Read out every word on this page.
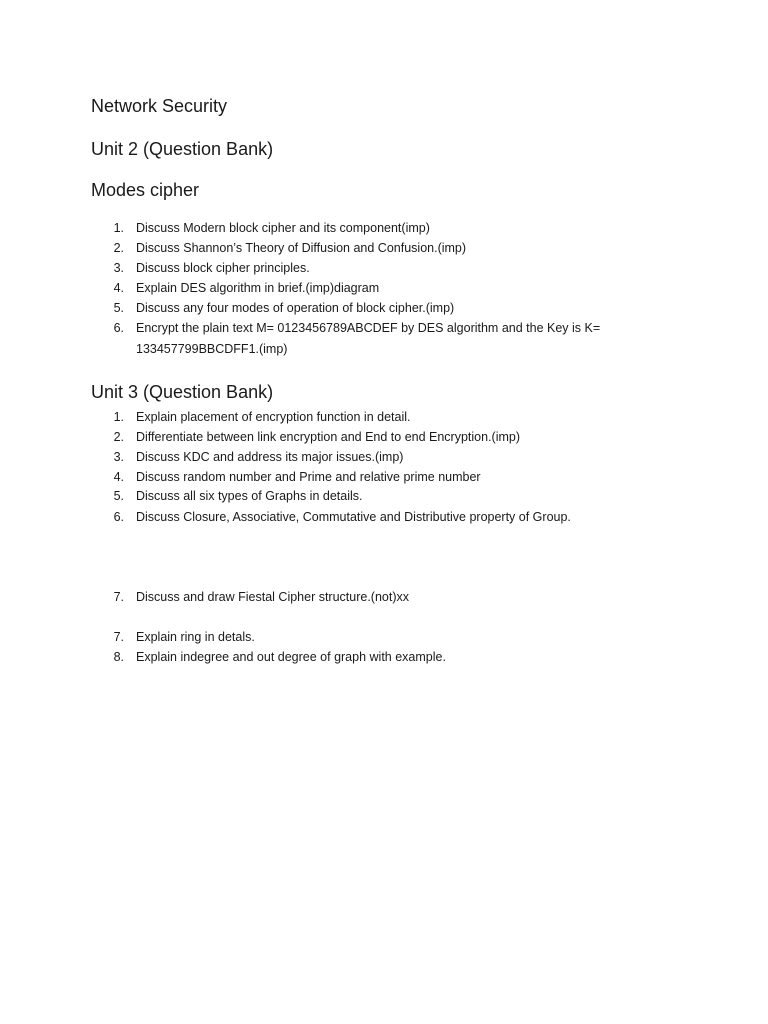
Network Security
Unit 2 (Question Bank)
Modes cipher
1. Discuss Modern block cipher and its component(imp)
2. Discuss Shannon’s Theory of Diffusion and Confusion.(imp)
3. Discuss block cipher principles.
4. Explain DES algorithm in brief.(imp)diagram
5. Discuss any four modes of operation of block cipher.(imp)
6. Encrypt the plain text M= 0123456789ABCDEF by DES algorithm and the Key is K=
133457799BBCDFF1.(imp)
Unit 3 (Question Bank)
1. Explain placement of encryption function in detail.
2. Differentiate between link encryption and End to end Encryption.(imp)
3. Discuss KDC and address its major issues.(imp)
4. Discuss random number and Prime and relative prime number
5. Discuss all six types of Graphs in details.
6. Discuss Closure, Associative, Commutative and Distributive property of Group.
7. Discuss and draw Fiestal Cipher structure.(not)xx
7. Explain ring in detals.
8. Explain indegree and out degree of graph with example.
